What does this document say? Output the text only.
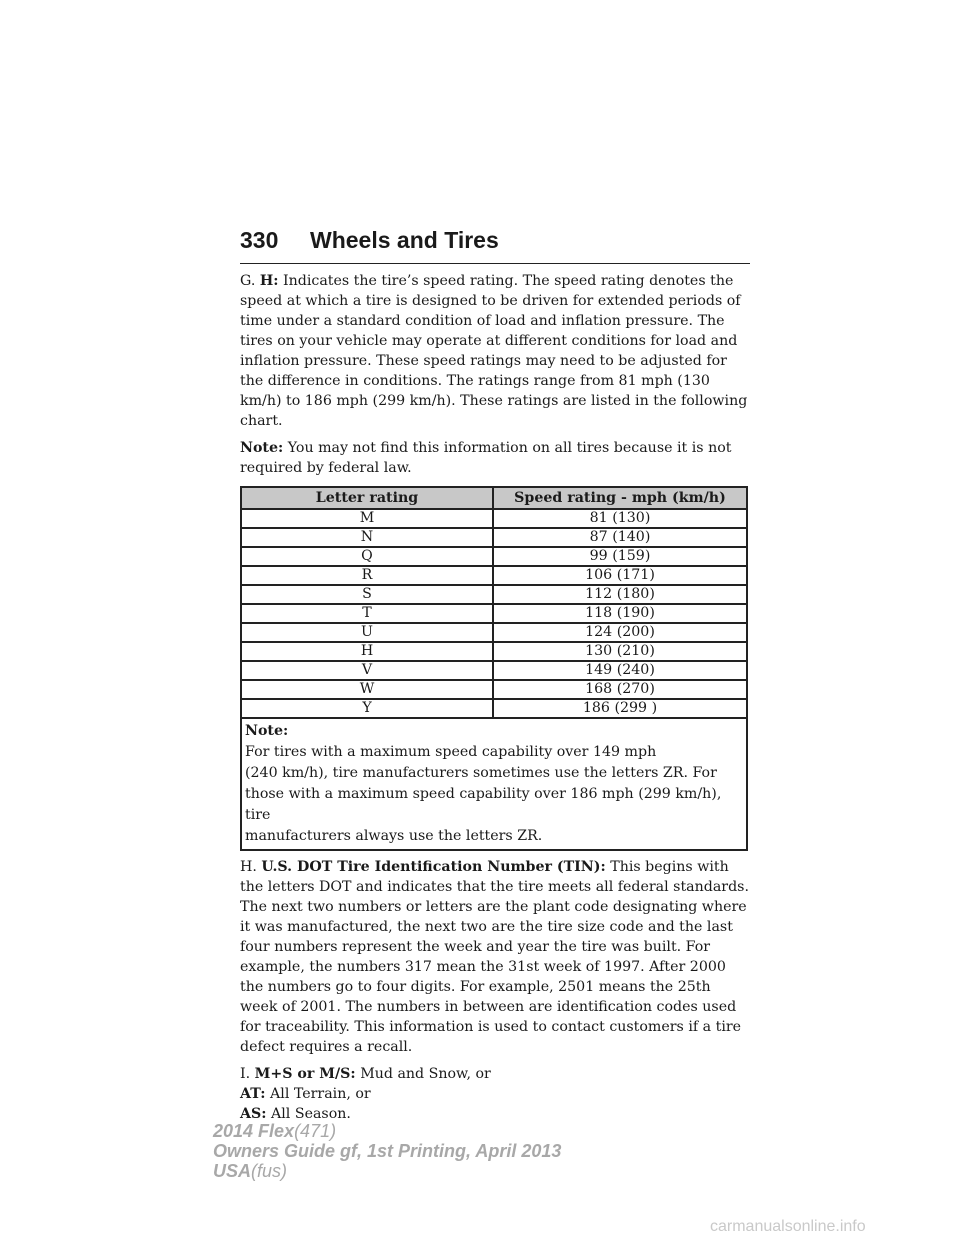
330 Wheels and Tires

G. H: Indicates the tire’s speed rating. The speed rating denotes the speed at which a tire is designed to be driven for extended periods of time under a standard condition of load and inflation pressure. The tires on your vehicle may operate at different conditions for load and inflation pressure. These speed ratings may need to be adjusted for the difference in conditions. The ratings range from 81 mph (130 km/h) to 186 mph (299 km/h). These ratings are listed in the following chart.

Note: You may not find this information on all tires because it is not required by federal law.

Letter rating	Speed rating - mph (km/h)
M	81 (130)
N	87 (140)
Q	99 (159)
R	106 (171)
S	112 (180)
T	118 (190)
U	124 (200)
H	130 (210)
V	149 (240)
W	168 (270)
Y	186 (299 )

Note:
For tires with a maximum speed capability over 149 mph
(240 km/h), tire manufacturers sometimes use the letters ZR. For
those with a maximum speed capability over 186 mph (299 km/h), tire
manufacturers always use the letters ZR.	

H. U.S. DOT Tire Identification Number (TIN): This begins with the letters DOT and indicates that the tire meets all federal standards. The next two numbers or letters are the plant code designating where it was manufactured, the next two are the tire size code and the last four numbers represent the week and year the tire was built. For example, the numbers 317 mean the 31st week of 1997. After 2000 the numbers go to four digits. For example, 2501 means the 25th week of 2001. The numbers in between are identification codes used for traceability. This information is used to contact customers if a tire defect requires a recall.

I. M+S or M/S: Mud and Snow, or

AT: All Terrain, or
AS: All Season.
2014 Flex(471)
Owners Guide gf, 1st Printing, April 2013
USA(fus)
carmanualsonline.info
